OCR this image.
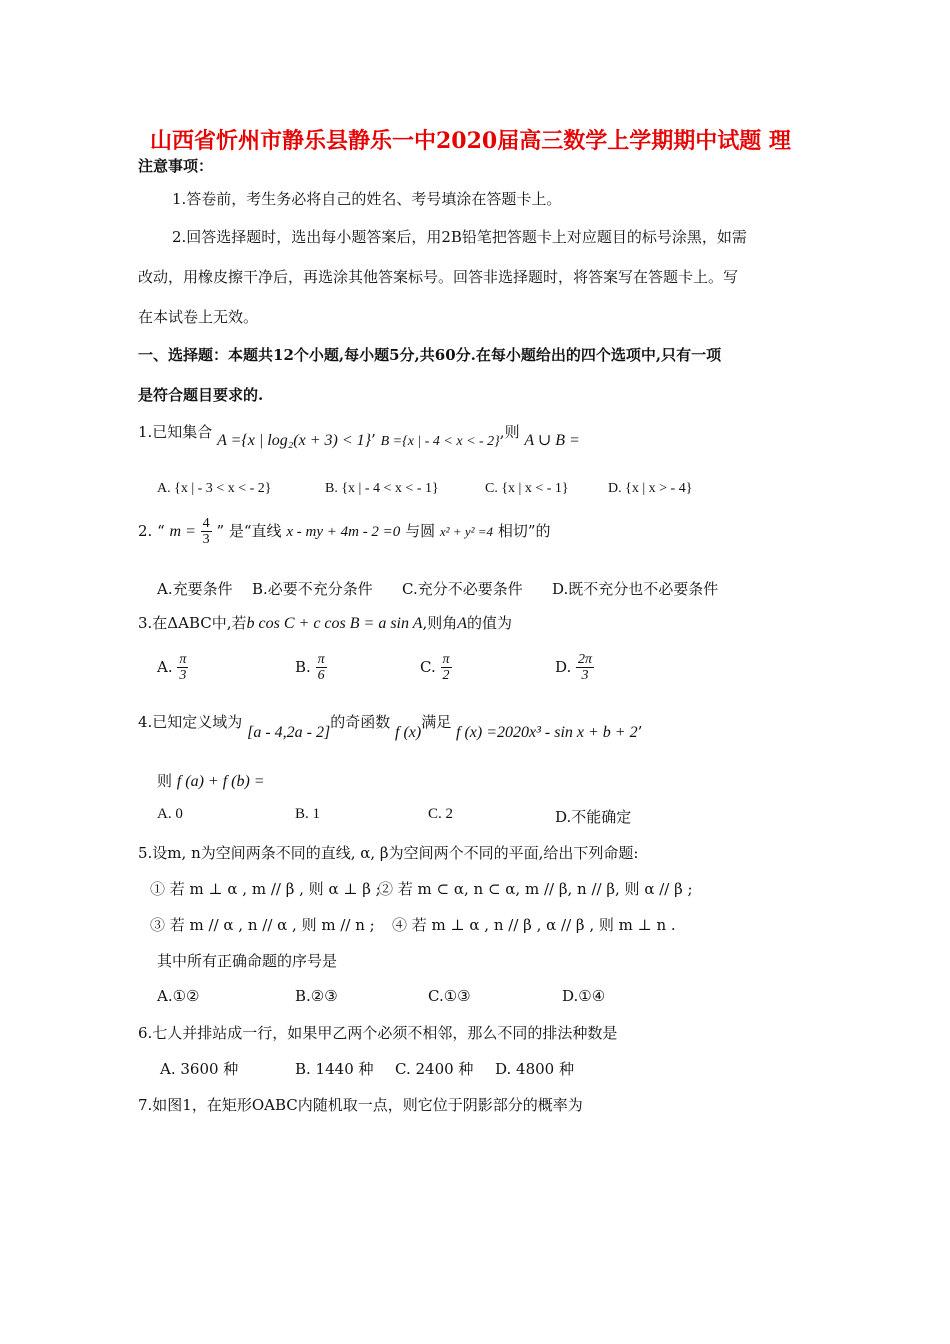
山西省忻州市静乐县静乐一中2020届高三数学上学期期中试题 理
注意事项：
1.答卷前，考生务必将自己的姓名、考号填涂在答题卡上。
2.回答选择题时，选出每小题答案后，用2B铅笔把答题卡上对应题目的标号涂黑，如需
改动，用橡皮擦干净后，再选涂其他答案标号。回答非选择题时，将答案写在答题卡上。写
在本试卷上无效。
一、选择题：本题共12个小题,每小题5分,共60分.在每小题给出的四个选项中,只有一项
是符合题目要求的.
1.已知集合 A ={x | log₂(x + 3) < 1}’ B ={x | - 4 < x < - 2},则 A ∪ B =
A. {x | - 3 < x < - 2}	B. {x | - 4 < x < - 1}	C. {x | x < - 1}	D. {x | x > - 4}
2. “ $m = \frac{4}{3}$ ” 是“直线 x - my + 4m - 2 =0 与圆 x² + y² =4 相切”的
A.充要条件 B.必要不充分条件 C.充分不必要条件 D.既不充分也不必要条件
3.在ΔABC中,若b cos C + c cos B = a sin A,则角A的值为
A. $\frac{\pi}{3}$	B. $\frac{\pi}{6}$	C. $\frac{\pi}{2}$	D. $\frac{2\pi}{3}$
4.已知定义域为 [a - 4,2a - 2]的奇函数 f (x)满足 f (x) =2020x³ - sin x + b + 2’
则 f (a) + f (b) =
A. 0	B. 1	C. 2	D.不能确定
5.设m, n为空间两条不同的直线, α, β为空间两个不同的平面,给出下列命题:
① 若 m ⊥ α , m // β , 则 α ⊥ β ;
② 若 m ⊂ α, n ⊂ α, m // β, n // β, 则 α // β ;
③ 若 m // α , n // α , 则 m // n ; ④ 若 m ⊥ α , n // β , α // β , 则 m ⊥ n .
其中所有正确命题的序号是
A.①②	B.②③	C.①③	D.①④
6.七人并排站成一行，如果甲乙两个必须不相邻，那么不同的排法种数是
A. 3600 种	B. 1440 种 C. 2400 种 D. 4800 种
7.如图1，在矩形OABC内随机取一点，则它位于阴影部分的概率为
